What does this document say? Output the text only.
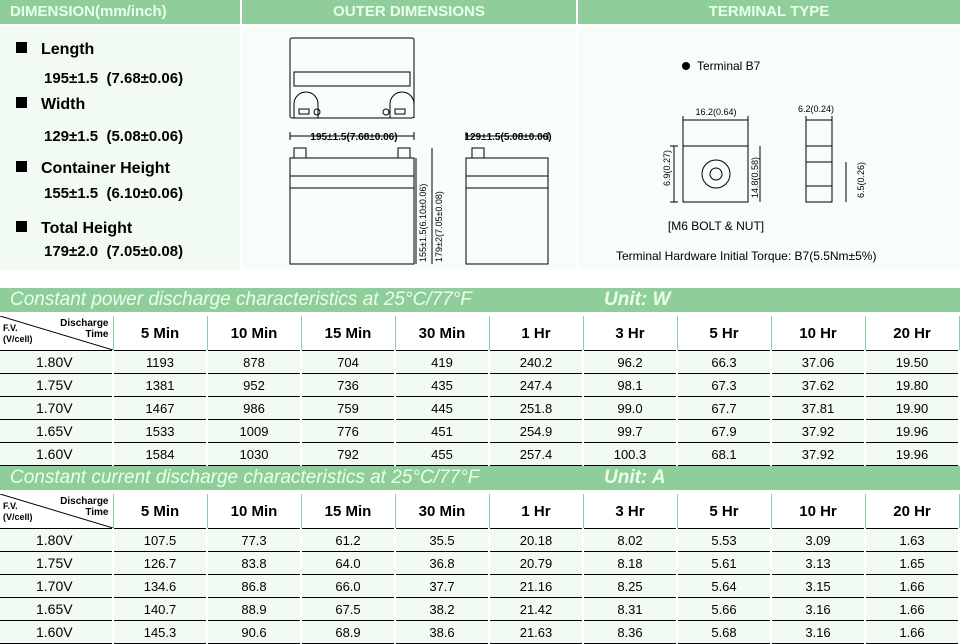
DIMENSION(mm/inch)	OUTER DIMENSIONS	TERMINAL TYPE
Length
195±1.5 (7.68±0.06)
Width
129±1.5 (5.08±0.06)
Container Height
155±1.5 (6.10±0.06)
Total Height
179±2.0 (7.05±0.08)
195±1.5(7.68±0.06)
155±1.5(6.10±0.06) 179±2(7.05±0.08)
129±1.5(5.08±0.06)
Terminal B7
16.2(0.64)
6.9(0.27)	14.8(0.58)
6.2(0.24)
6.5(0.26)
[M6 BOLT & NUT]
Terminal Hardware Initial Torque: B7(5.5Nm±5%)
Constant power discharge characteristics at 25°C/77°F	Unit: W
Discharge
Time
F.V.
(V/cell)	5 Min	10 Min	15 Min	30 Min	1 Hr	3 Hr	5 Hr	10 Hr	20 Hr
1.80V	1193	878	704	419	240.2	96.2	66.3	37.06	19.50
1.75V	1381	952	736	435	247.4	98.1	67.3	37.62	19.80
1.70V	1467	986	759	445	251.8	99.0	67.7	37.81	19.90
1.65V	1533	1009	776	451	254.9	99.7	67.9	37.92	19.96
1.60V	1584	1030	792	455	257.4	100.3	68.1	37.92	19.96
Constant current discharge characteristics at 25°C/77°F	Unit: A
Discharge
Time
F.V.
(V/cell)	5 Min	10 Min	15 Min	30 Min	1 Hr	3 Hr	5 Hr	10 Hr	20 Hr
1.80V	107.5	77.3	61.2	35.5	20.18	8.02	5.53	3.09	1.63
1.75V	126.7	83.8	64.0	36.8	20.79	8.18	5.61	3.13	1.65
1.70V	134.6	86.8	66.0	37.7	21.16	8.25	5.64	3.15	1.66
1.65V	140.7	88.9	67.5	38.2	21.42	8.31	5.66	3.16	1.66
1.60V	145.3	90.6	68.9	38.6	21.63	8.36	5.68	3.16	1.66
